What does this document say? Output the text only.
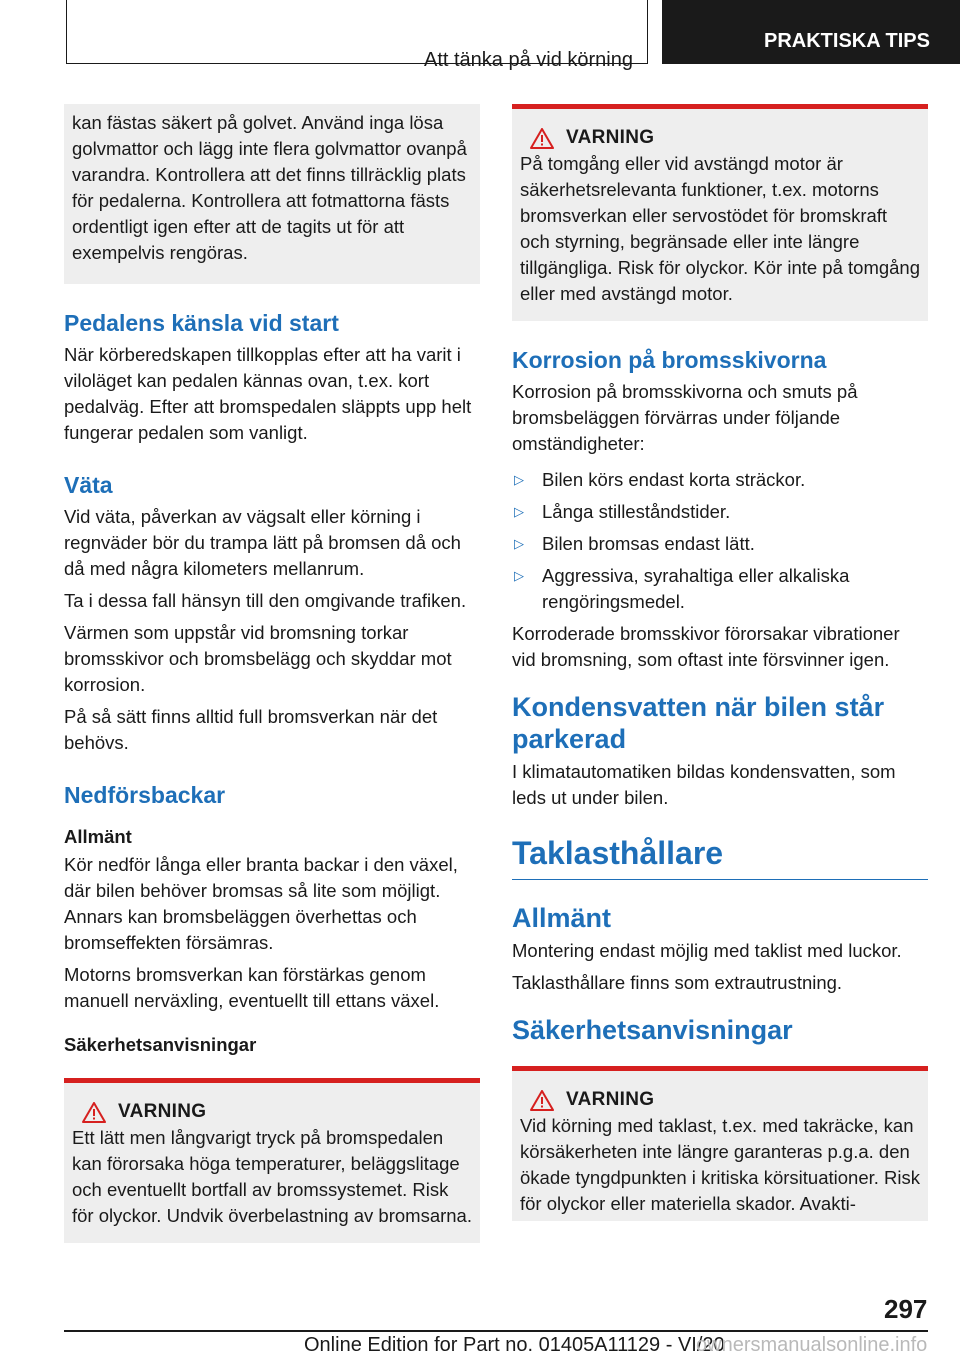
Att tänka på vid körning
PRAKTISKA TIPS

kan fästas säkert på golvet. Använd inga lösa golvmattor och lägg inte flera golvmattor ovanpå varandra. Kontrollera att det finns tillräcklig plats för pedalerna. Kontrollera att fotmattorna fästs ordentligt igen efter att de tagits ut för att exempelvis rengöras.

Pedalens känsla vid start

När körberedskapen tillkopplas efter att ha varit i viloläget kan pedalen kännas ovan, t.ex. kort pedalväg. Efter att bromspedalen släppts upp helt fungerar pedalen som vanligt.

Väta

Vid väta, påverkan av vägsalt eller körning i regnväder bör du trampa lätt på bromsen då och då med några kilometers mellanrum.

Ta i dessa fall hänsyn till den omgivande trafiken.

Värmen som uppstår vid bromsning torkar bromsskivor och bromsbelägg och skyddar mot korrosion.

På så sätt finns alltid full bromsverkan när det behövs.

Nedförsbackar
Allmänt

Kör nedför långa eller branta backar i den växel, där bilen behöver bromsas så lite som möjligt. Annars kan bromsbeläggen överhettas och bromseffekten försämras.

Motorns bromsverkan kan förstärkas genom manuell nerväxling, eventuellt till ettans växel.

Säkerhetsanvisningar
VARNING

Ett lätt men långvarigt tryck på bromspedalen kan förorsaka höga temperaturer, beläggslitage och eventuellt bortfall av bromssystemet. Risk för olyckor. Undvik överbelastning av bromsarna.

VARNING

På tomgång eller vid avstängd motor är säkerhetsrelevanta funktioner, t.ex. motorns bromsverkan eller servostödet för bromskraft och styrning, begränsade eller inte längre tillgängliga. Risk för olyckor. Kör inte på tomgång eller med avstängd motor.

Korrosion på bromsskivorna

Korrosion på bromsskivorna och smuts på bromsbeläggen förvärras under följande omständigheter:

▷ Bilen körs endast korta sträckor.
▷ Långa stilleståndstider.
▷ Bilen bromsas endast lätt.
▷ Aggressiva, syrahaltiga eller alkaliska rengöringsmedel.

Korroderade bromsskivor förorsakar vibrationer vid bromsning, som oftast inte försvinner igen.

Kondensvatten när bilen står parkerad

I klimatautomatiken bildas kondensvatten, som leds ut under bilen.

Taklasthållare
Allmänt

Montering endast möjlig med taklist med luckor.

Taklasthållare finns som extrautrustning.

Säkerhetsanvisningar
VARNING

Vid körning med taklast, t.ex. med takräcke, kan körsäkerheten inte längre garanteras p.g.a. den ökade tyngdpunkten i kritiska körsituationer. Risk för olyckor eller materiella skador. Avakti-

297
Online Edition for Part no. 01405A11129 - VI/20
ownersmanualsonline.info
